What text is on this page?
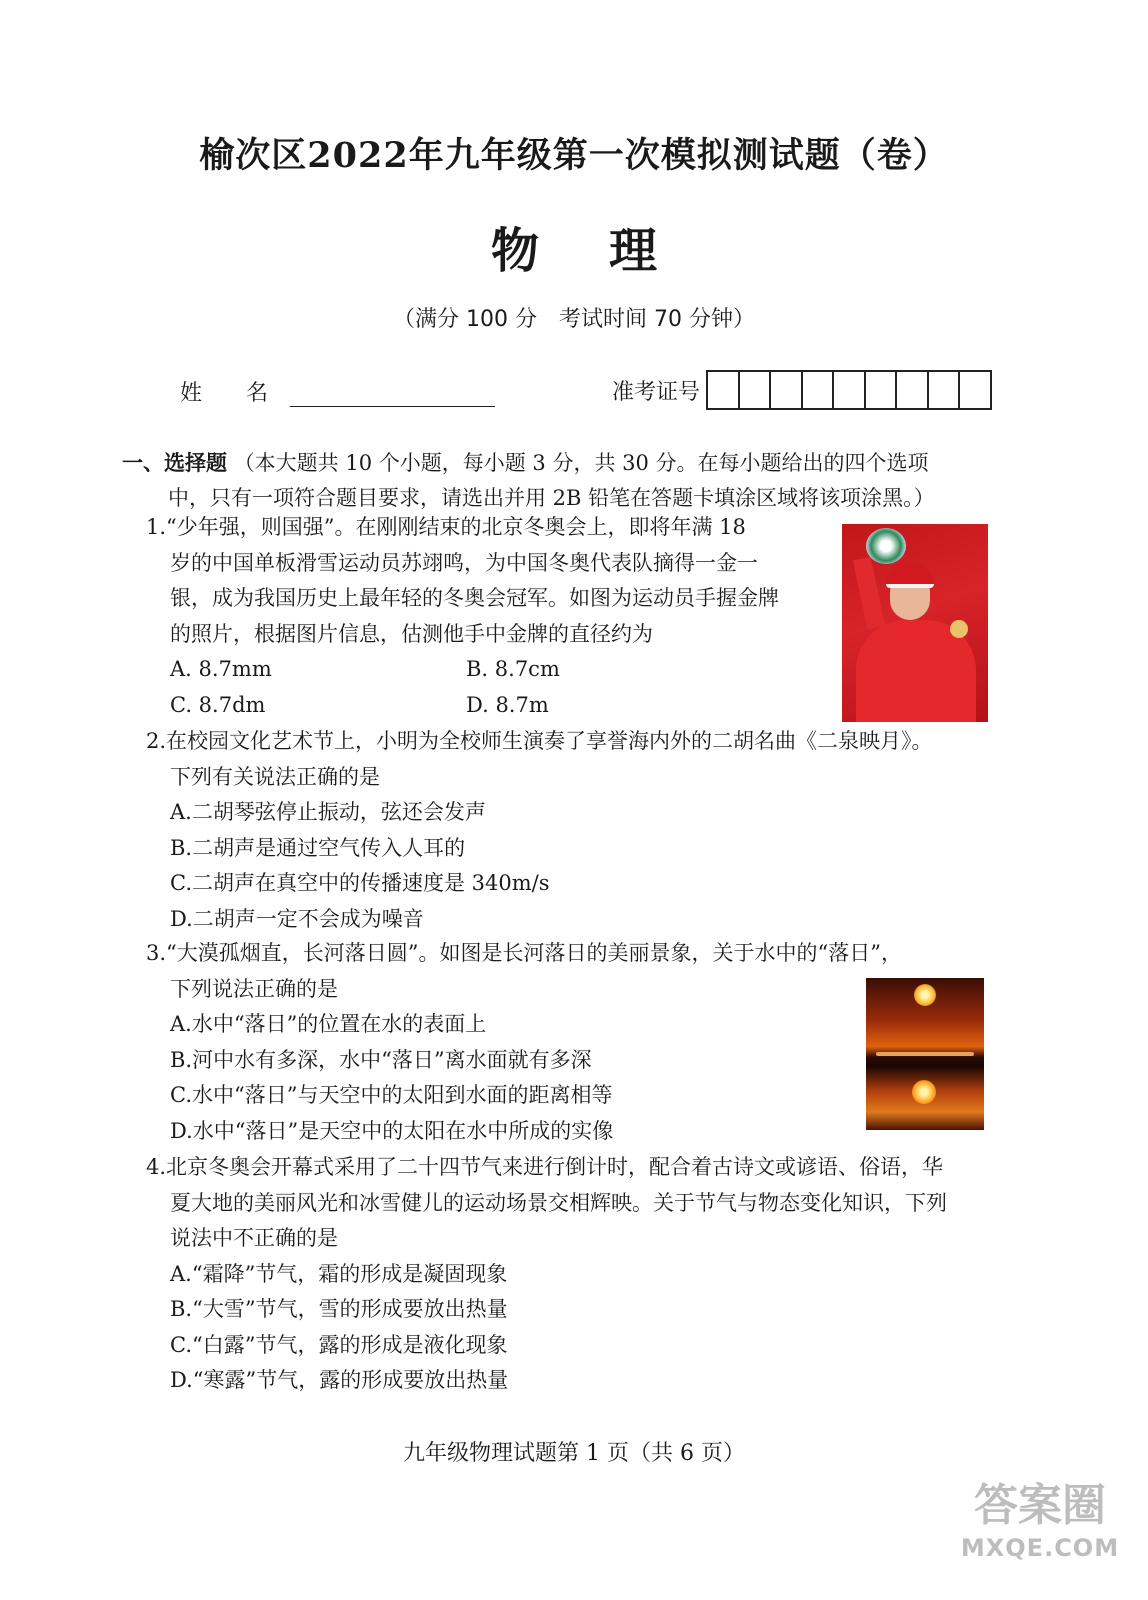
榆次区2022年九年级第一次模拟测试题（卷）
物理
（满分 100 分　考试时间 70 分钟）
姓名	准考证号
一、选择题 （本大题共 10 个小题，每小题 3 分，共 30 分。在每小题给出的四个选项
中，只有一项符合题目要求，请选出并用 2B 铅笔在答题卡填涂区域将该项涂黑。）
1.“少年强，则国强”。在刚刚结束的北京冬奥会上，即将年满 18
岁的中国单板滑雪运动员苏翊鸣，为中国冬奥代表队摘得一金一
银，成为我国历史上最年轻的冬奥会冠军。如图为运动员手握金牌
的照片，根据图片信息，估测他手中金牌的直径约为
A. 8.7mm	B. 8.7cm
C. 8.7dm	D. 8.7m
2.在校园文化艺术节上，小明为全校师生演奏了享誉海内外的二胡名曲《二泉映月》。
下列有关说法正确的是
A.二胡琴弦停止振动，弦还会发声
B.二胡声是通过空气传入人耳的
C.二胡声在真空中的传播速度是 340m/s
D.二胡声一定不会成为噪音
3.“大漠孤烟直，长河落日圆”。如图是长河落日的美丽景象，关于水中的“落日”，
下列说法正确的是
A.水中“落日”的位置在水的表面上
B.河中水有多深，水中“落日”离水面就有多深
C.水中“落日”与天空中的太阳到水面的距离相等
D.水中“落日”是天空中的太阳在水中所成的实像
4.北京冬奥会开幕式采用了二十四节气来进行倒计时，配合着古诗文或谚语、俗语，华
夏大地的美丽风光和冰雪健儿的运动场景交相辉映。关于节气与物态变化知识，下列
说法中不正确的是
A.“霜降”节气，霜的形成是凝固现象
B.“大雪”节气，雪的形成要放出热量
C.“白露”节气，露的形成是液化现象
D.“寒露”节气，露的形成要放出热量
九年级物理试题第 1 页（共 6 页）
答案圈
MXQE.COM
